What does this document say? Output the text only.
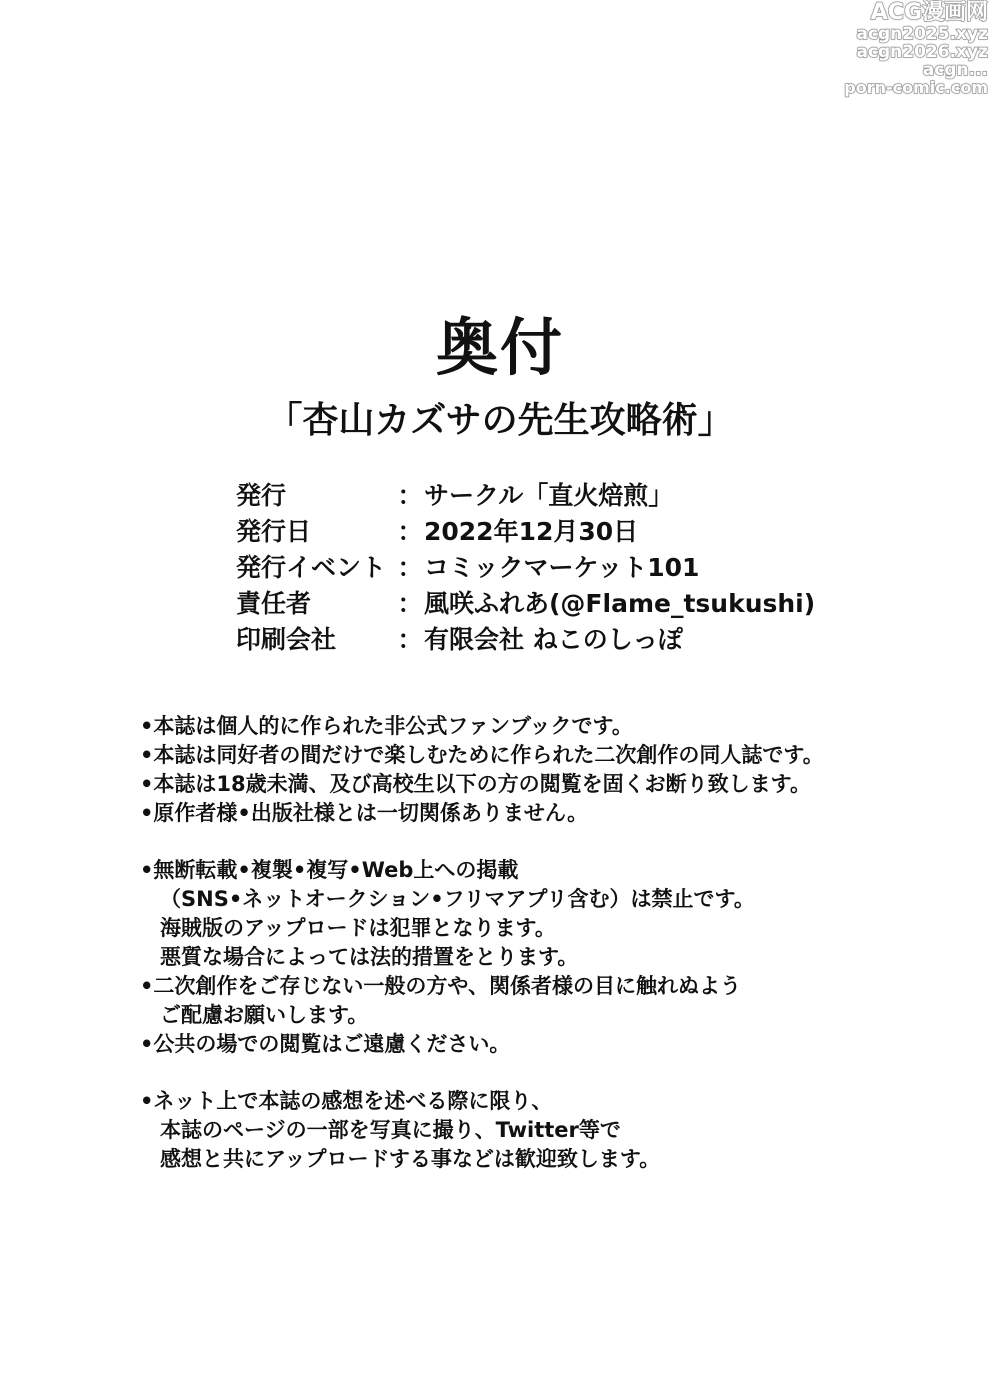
ACG漫画网
acgn2025.xyz
acgn2026.xyz
acgn...
porn-comic.com
奥付
「杏山カズサの先生攻略術」
発行	： サークル「直火焙煎」
発行日	： 2022年12月30日
発行イベント ： コミックマーケット101
責任者	： 風咲ふれあ(@Flame_tsukushi)
印刷会社	： 有限会社 ねこのしっぽ
•本誌は個人的に作られた非公式ファンブックです。
•本誌は同好者の間だけで楽しむために作られた二次創作の同人誌です。
•本誌は18歳未満、及び高校生以下の方の閲覧を固くお断り致します。
•原作者様•出版社様とは一切関係ありません。
•無断転載•複製•複写•Web上への掲載
（SNS•ネットオークション•フリマアプリ含む）は禁止です。
海賊版のアップロードは犯罪となります。
悪質な場合によっては法的措置をとります。
•二次創作をご存じない一般の方や、関係者様の目に触れぬよう
ご配慮お願いします。
•公共の場での閲覧はご遠慮ください。
•ネット上で本誌の感想を述べる際に限り、
本誌のページの一部を写真に撮り、Twitter等で
感想と共にアップロードする事などは歓迎致します。
